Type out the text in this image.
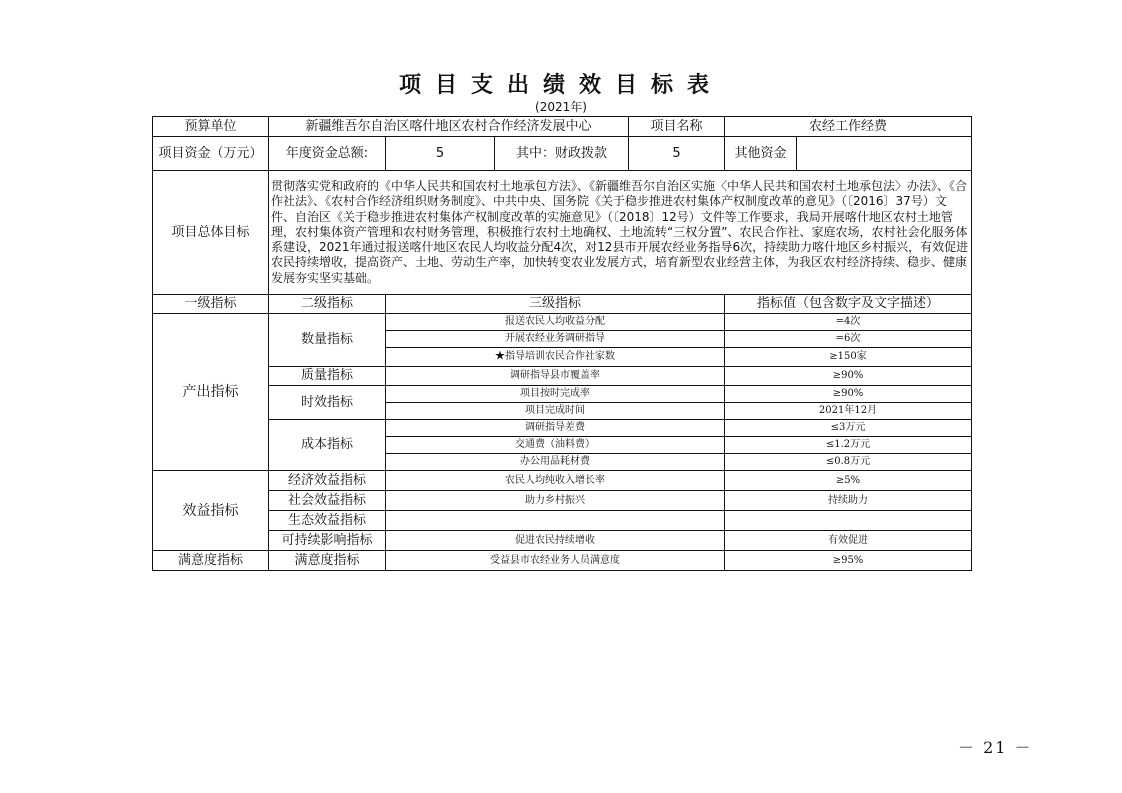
项目支出绩效目标表
(2021年)
预算单位	新疆维吾尔自治区喀什地区农村合作经济发展中心			项目名称	农经工作经费	
项目资金（万元）	年度资金总额:	5	其中：财政拨款	5	其他资金	
项目总体目标	贯彻落实党和政府的《中华人民共和国农村土地承包方法》、《新疆维吾尔自治区实施〈中华人民共和国农村土地承包法〉办法》、《合作社法》、《农村合作经济组织财务制度》、中共中央、国务院《关于稳步推进农村集体产权制度改革的意见》（〔2016〕37号）文件、自治区《关于稳步推进农村集体产权制度改革的实施意见》（〔2018〕12号）文件等工作要求，我局开展喀什地区农村土地管理，农村集体资产管理和农村财务管理，积极推行农村土地确权、土地流转“三权分置”、农民合作社、家庭农场，农村社会化服务体系建设，2021年通过报送喀什地区农民人均收益分配4次，对12县市开展农经业务指导6次，持续助力喀什地区乡村振兴，有效促进农民持续增收，提高资产、土地、劳动生产率，加快转变农业发展方式，培育新型农业经营主体，为我区农村经济持续、稳步、健康发展夯实坚实基础。					
一级指标	二级指标	三级指标			指标值（包含数字及文字描述）	
产出指标	数量指标	报送农民人均收益分配			=4次	
		开展农经业务调研指导			=6次	
		★指导培训农民合作社家数			≥150家	
	质量指标	调研指导县市覆盖率			≥90%	
	时效指标	项目按时完成率			≥90%	
		项目完成时间			2021年12月	
	成本指标	调研指导差费			≤3万元	
		交通费（油料费）			≤1.2万元	
		办公用品耗材费			≤0.8万元	
效益指标	经济效益指标	农民人均纯收入增长率			≥5%	
	社会效益指标	助力乡村振兴			持续助力	
	生态效益指标					
	可持续影响指标	促进农民持续增收			有效促进	
满意度指标	满意度指标	受益县市农经业务人员满意度			≥95%	
－ 21 －
